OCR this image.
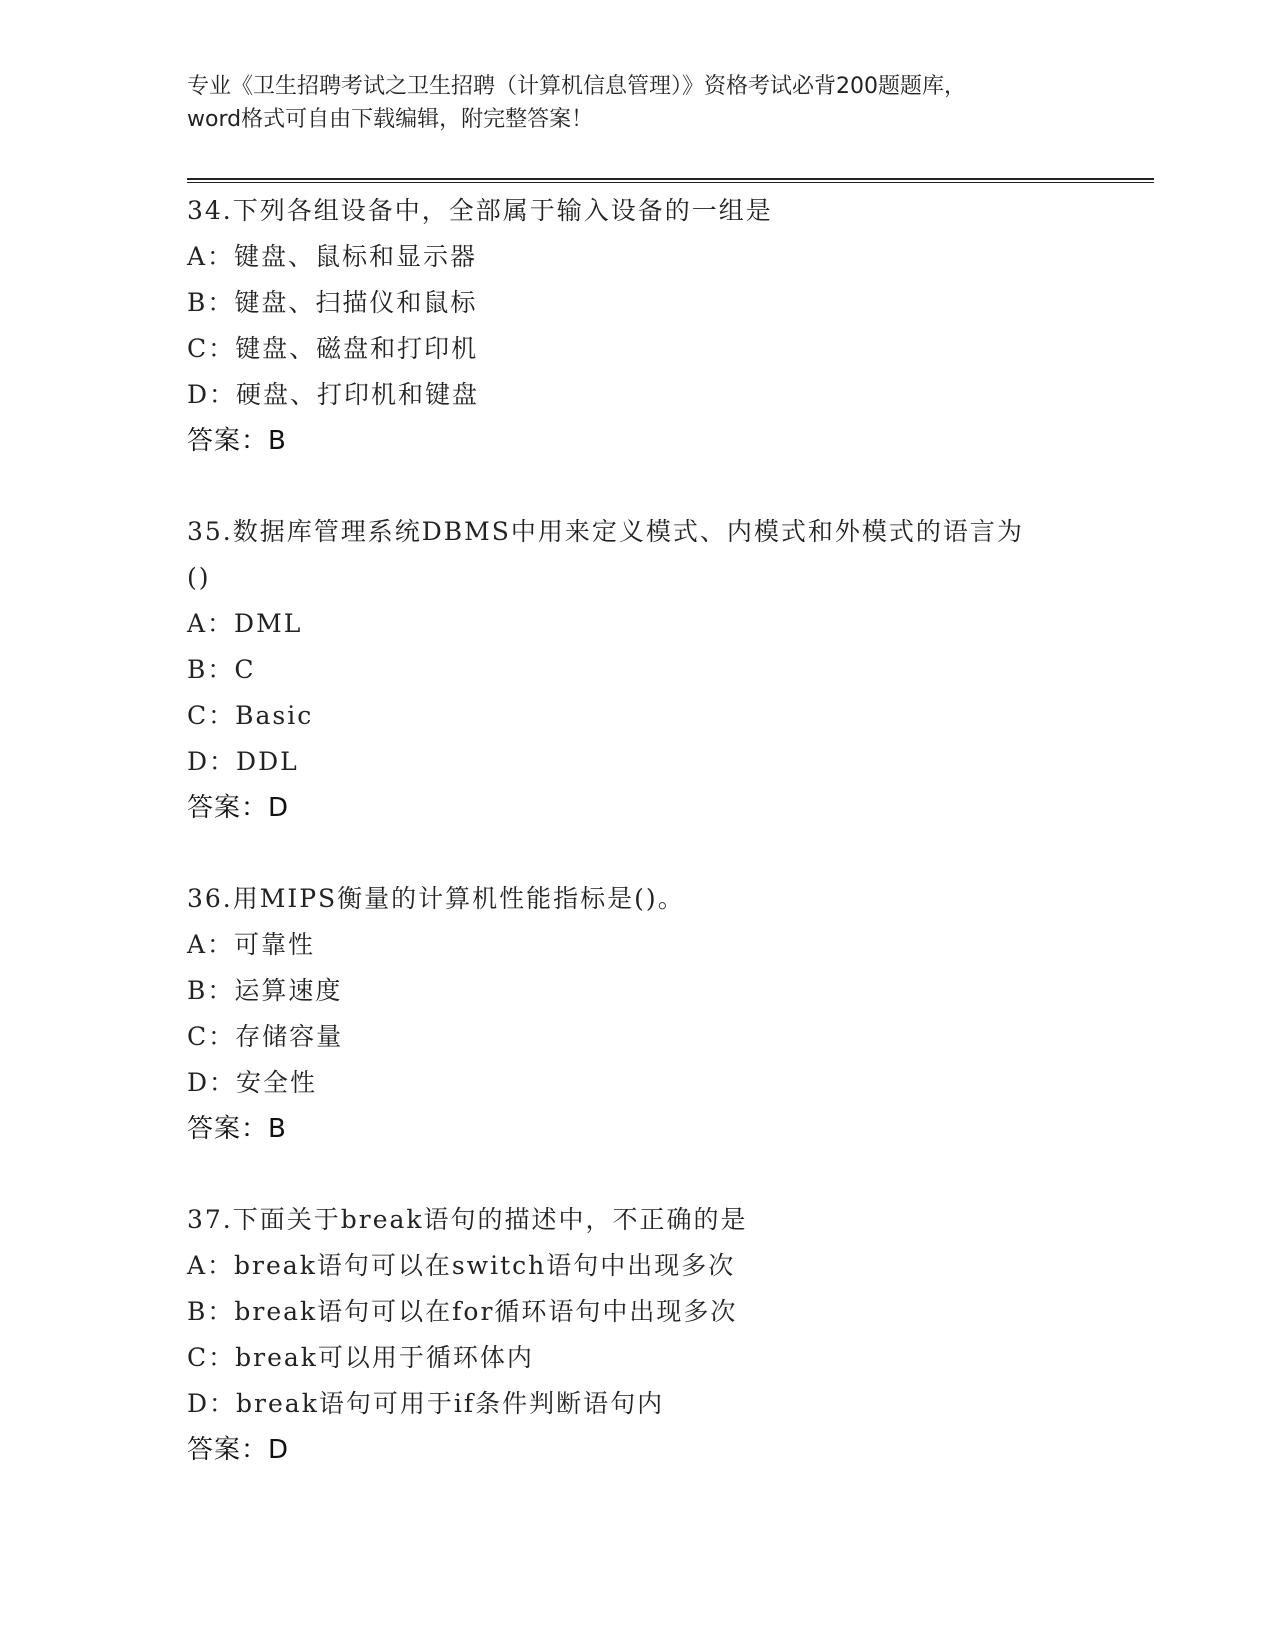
专业《卫生招聘考试之卫生招聘（计算机信息管理）》资格考试必背200题题库，
word格式可自由下载编辑，附完整答案！
34.下列各组设备中，全部属于输入设备的一组是
A：键盘、鼠标和显示器
B：键盘、扫描仪和鼠标
C：键盘、磁盘和打印机
D：硬盘、打印机和键盘
答案：B
35.数据库管理系统DBMS中用来定义模式、内模式和外模式的语言为
()
A：DML
B：C
C：Basic
D：DDL
答案：D
36.用MIPS衡量的计算机性能指标是()。
A：可靠性
B：运算速度
C：存储容量
D：安全性
答案：B
37.下面关于break语句的描述中，不正确的是
A：break语句可以在switch语句中出现多次
B：break语句可以在for循环语句中出现多次
C：break可以用于循环体内
D：break语句可用于if条件判断语句内
答案：D
